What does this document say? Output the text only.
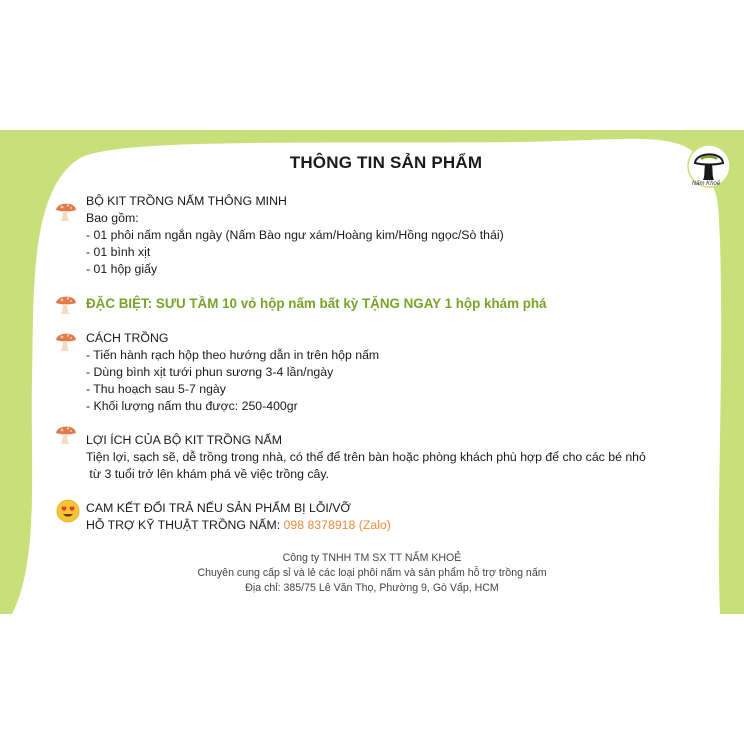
THÔNG TIN SẢN PHẨM
Nấm Khoẻ
BỘ KIT TRỒNG NẤM THÔNG MINH
Bao gồm:
- 01 phôi nấm ngắn ngày (Nấm Bào ngư xám/Hoàng kim/Hồng ngọc/Sò thái)
- 01 bình xịt
- 01 hộp giấy
ĐẶC BIỆT: SƯU TẦM 10 vỏ hộp nấm bất kỳ TẶNG NGAY 1 hộp khám phá
CÁCH TRỒNG
- Tiến hành rạch hộp theo hướng dẫn in trên hộp nấm
- Dùng bình xịt tưới phun sương 3-4 lần/ngày
- Thu hoạch sau 5-7 ngày
- Khối lượng nấm thu được: 250-400gr
LỢI ÍCH CỦA BỘ KIT TRỒNG NẤM
Tiện lợi, sạch sẽ, dễ trồng trong nhà, có thể để trên bàn hoặc phòng khách phù hợp để cho các bé nhỏ
từ 3 tuổi trở lên khám phá về việc trồng cây.
CAM KẾT ĐỔI TRẢ NẾU SẢN PHẨM BỊ LỖI/VỠ
HỖ TRỢ KỸ THUẬT TRỒNG NẤM: 098 8378918 (Zalo)
Công ty TNHH TM SX TT NẤM KHOẺ
Chuyên cung cấp sỉ và lẻ các loại phôi nấm và sản phẩm hỗ trợ trồng nấm
Địa chỉ: 385/75 Lê Văn Thọ, Phường 9, Gò Vấp, HCM
